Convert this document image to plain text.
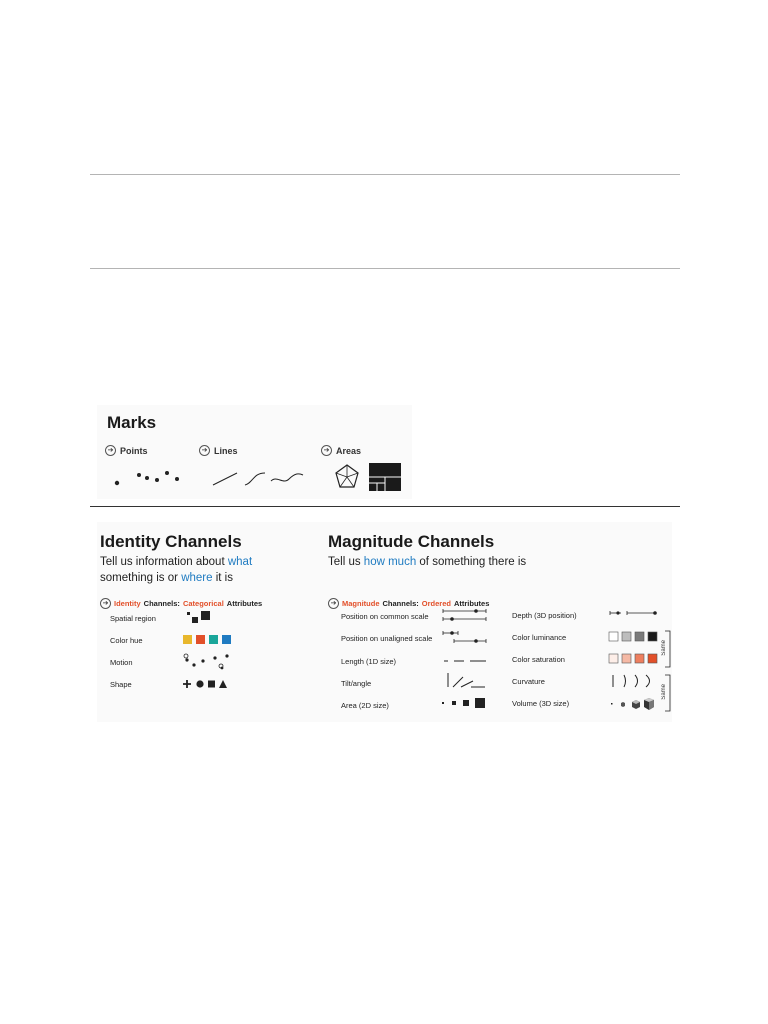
Marks
➔ Points	➔ Lines	➔ Areas
Identity Channels
Tell us information about what
something is or where it is
➔ Identity Channels: Categorical Attributes
Spatial region
Color hue
Motion
Shape
Magnitude Channels
Tell us how much of something there is
➔ Magnitude Channels: Ordered Attributes
Position on common scale
Position on unaligned scale
Length (1D size)
Tilt/angle
Area (2D size)
Depth (3D position)
Color luminance
Color saturation
Curvature
Volume (3D size)
Same
Same
